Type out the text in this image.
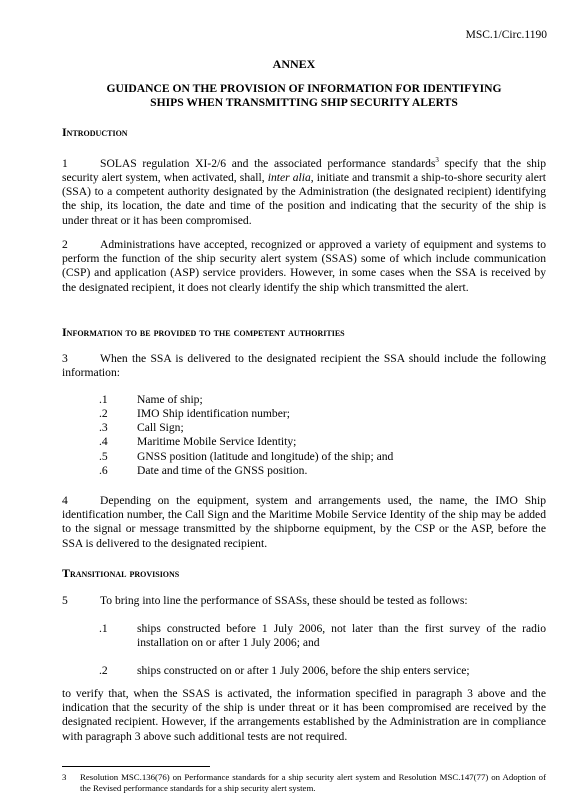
MSC.1/Circ.1190
ANNEX
GUIDANCE ON THE PROVISION OF INFORMATION FOR IDENTIFYING
SHIPS WHEN TRANSMITTING SHIP SECURITY ALERTS
Introduction
1	SOLAS regulation XI-2/6 and the associated performance standards$^3$ specify that the ship security alert system, when activated, shall, inter alia, initiate and transmit a ship-to-shore security alert (SSA) to a competent authority designated by the Administration (the designated recipient) identifying the ship, its location, the date and time of the position and indicating that the security of the ship is under threat or it has been compromised.
2	Administrations have accepted, recognized or approved a variety of equipment and systems to perform the function of the ship security alert system (SSAS) some of which include communication (CSP) and application (ASP) service providers. However, in some cases when the SSA is received by the designated recipient, it does not clearly identify the ship which transmitted the alert.
Information to be provided to the competent authorities
3	When the SSA is delivered to the designated recipient the SSA should include the following information:
.1	Name of ship;
.2	IMO Ship identification number;
.3	Call Sign;
.4	Maritime Mobile Service Identity;
.5	GNSS position (latitude and longitude) of the ship; and
.6	Date and time of the GNSS position.
4	Depending on the equipment, system and arrangements used, the name, the IMO Ship identification number, the Call Sign and the Maritime Mobile Service Identity of the ship may be added to the signal or message transmitted by the shipborne equipment, by the CSP or the ASP, before the SSA is delivered to the designated recipient.
Transitional provisions
5	To bring into line the performance of SSASs, these should be tested as follows:
.1	ships constructed before 1 July 2006, not later than the first survey of the radio installation on or after 1 July 2006; and
.2	ships constructed on or after 1 July 2006, before the ship enters service;
to verify that, when the SSAS is activated, the information specified in paragraph 3 above and the indication that the security of the ship is under threat or it has been compromised are received by the designated recipient. However, if the arrangements established by the Administration are in compliance with paragraph 3 above such additional tests are not required.
3 Resolution MSC.136(76) on Performance standards for a ship security alert system and Resolution MSC.147(77) on Adoption of the Revised performance standards for a ship security alert system.
